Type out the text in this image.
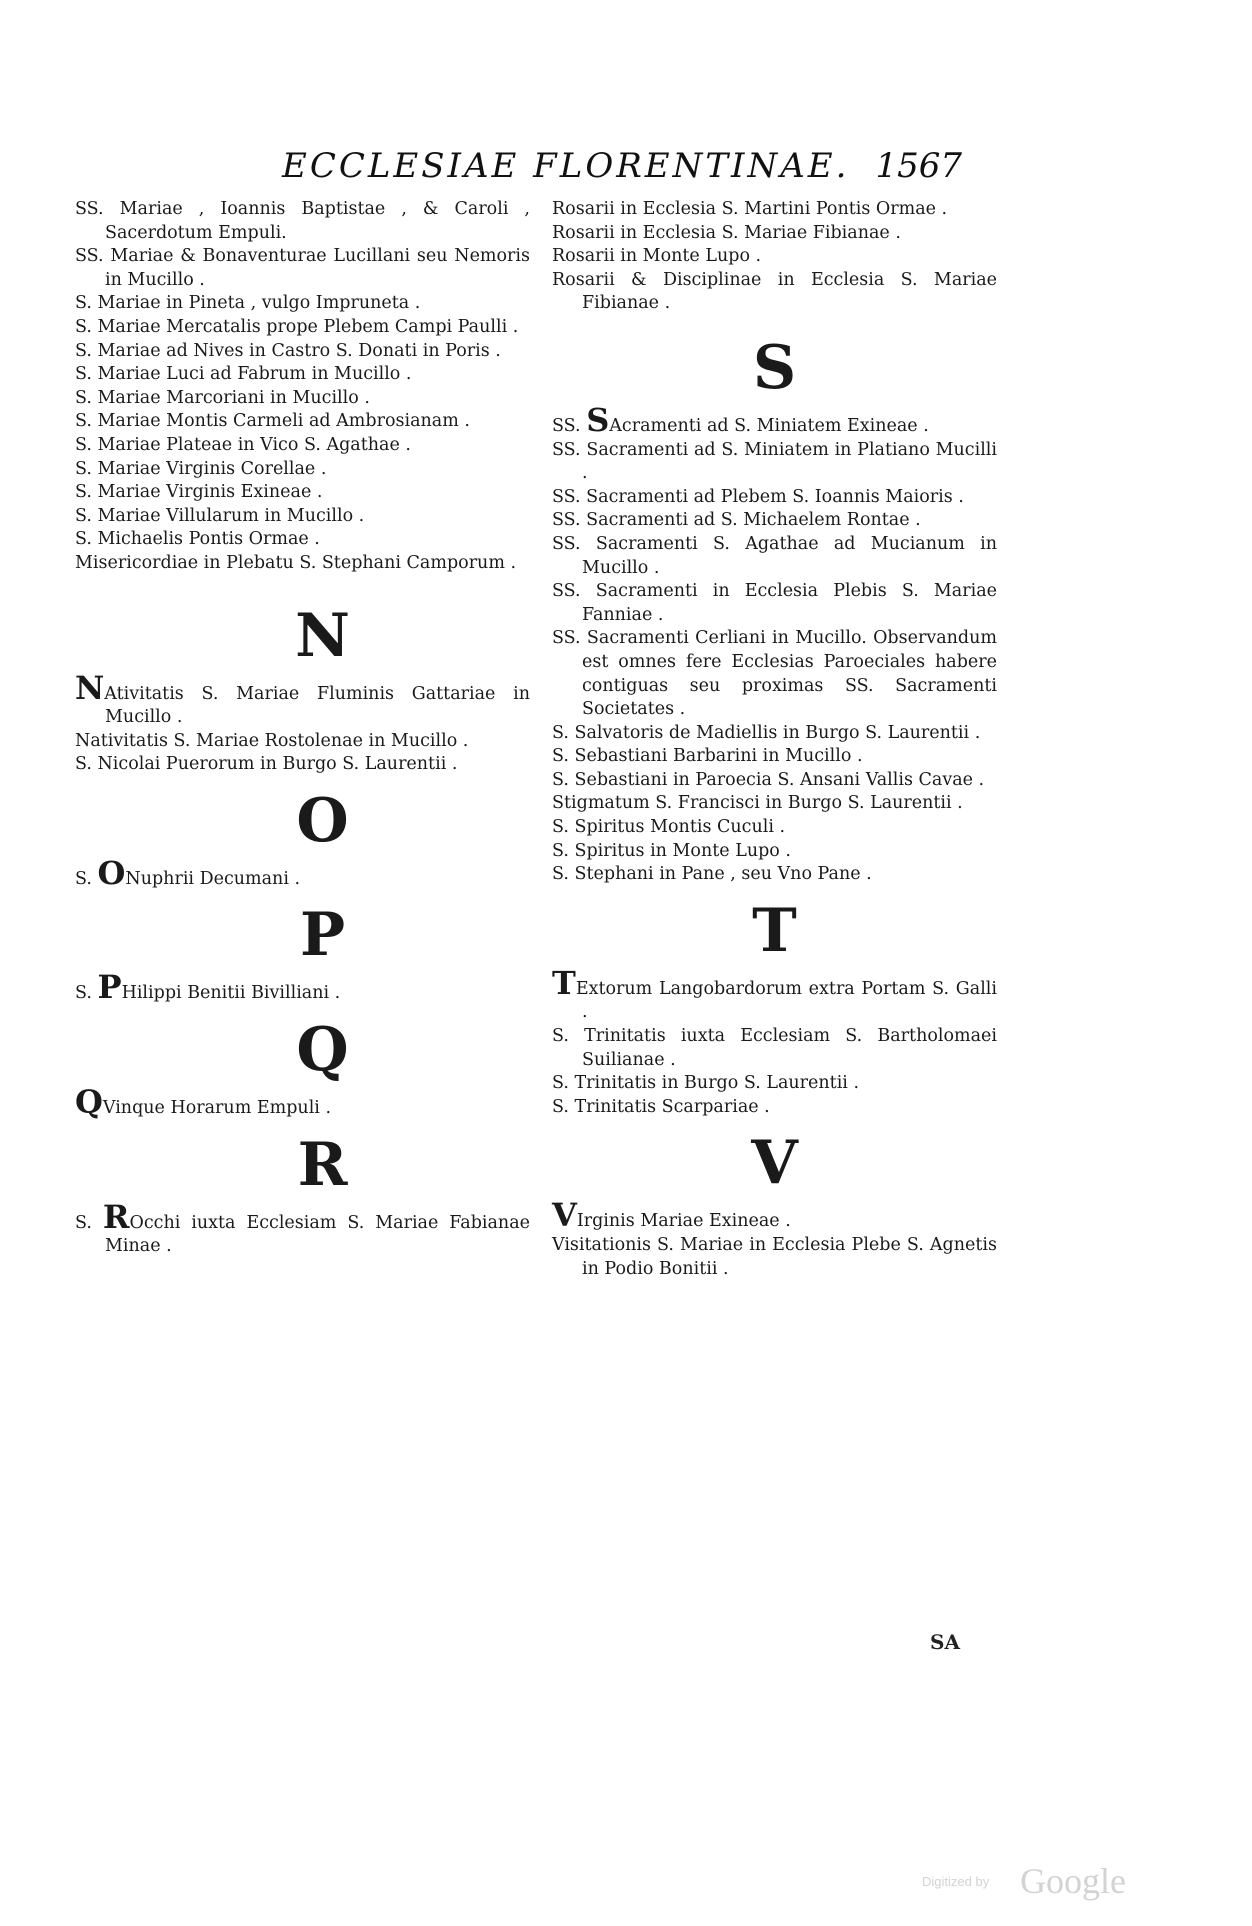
ECCLESIAE FLORENTINAE. 1567

SS. Mariae , Ioannis Baptistae , & Caroli , Sacerdotum Empuli.

SS. Mariae & Bonaventurae Lucillani seu Nemoris in Mucillo .

S. Mariae in Pineta , vulgo Impruneta .

S. Mariae Mercatalis prope Plebem Campi Paulli .

S. Mariae ad Nives in Castro S. Donati in Poris .

S. Mariae Luci ad Fabrum in Mucillo .

S. Mariae Marcoriani in Mucillo .

S. Mariae Montis Carmeli ad Ambrosianam .

S. Mariae Plateae in Vico S. Agathae .

S. Mariae Virginis Corellae .

S. Mariae Virginis Exineae .

S. Mariae Villularum in Mucillo .

S. Michaelis Pontis Ormae .

Misericordiae in Plebatu S. Stephani Camporum .

N

NAtivitatis S. Mariae Fluminis Gattariae in Mucillo .

Nativitatis S. Mariae Rostolenae in Mucillo .

S. Nicolai Puerorum in Burgo S. Laurentii .

O

S. ONuphrii Decumani .

P

S. PHilippi Benitii Bivilliani .

Q

QVinque Horarum Empuli .

R

S. ROcchi iuxta Ecclesiam S. Mariae Fabianae Minae .

Rosarii in Ecclesia S. Martini Pontis Ormae .

Rosarii in Ecclesia S. Mariae Fibianae .

Rosarii in Monte Lupo .

Rosarii & Disciplinae in Ecclesia S. Mariae Fibianae .

S

SS. SAcramenti ad S. Miniatem Exineae .

SS. Sacramenti ad S. Miniatem in Platiano Mucilli .

SS. Sacramenti ad Plebem S. Ioannis Maioris .

SS. Sacramenti ad S. Michaelem Rontae .

SS. Sacramenti S. Agathae ad Mucianum in Mucillo .

SS. Sacramenti in Ecclesia Plebis S. Mariae Fanniae .

SS. Sacramenti Cerliani in Mucillo. Observandum est omnes fere Ecclesias Paroeciales habere contiguas seu proximas SS. Sacramenti Societates .

S. Salvatoris de Madiellis in Burgo S. Laurentii .

S. Sebastiani Barbarini in Mucillo .

S. Sebastiani in Paroecia S. Ansani Vallis Cavae .

Stigmatum S. Francisci in Burgo S. Laurentii .

S. Spiritus Montis Cuculi .

S. Spiritus in Monte Lupo .

S. Stephani in Pane , seu Vno Pane .

T

TExtorum Langobardorum extra Portam S. Galli .

S. Trinitatis iuxta Ecclesiam S. Bartholomaei Suilianae .

S. Trinitatis in Burgo S. Laurentii .

S. Trinitatis Scarpariae .

V

VIrginis Mariae Exineae .

Visitationis S. Mariae in Ecclesia Plebe S. Agnetis in Podio Bonitii .

SA
Digitized by Google
